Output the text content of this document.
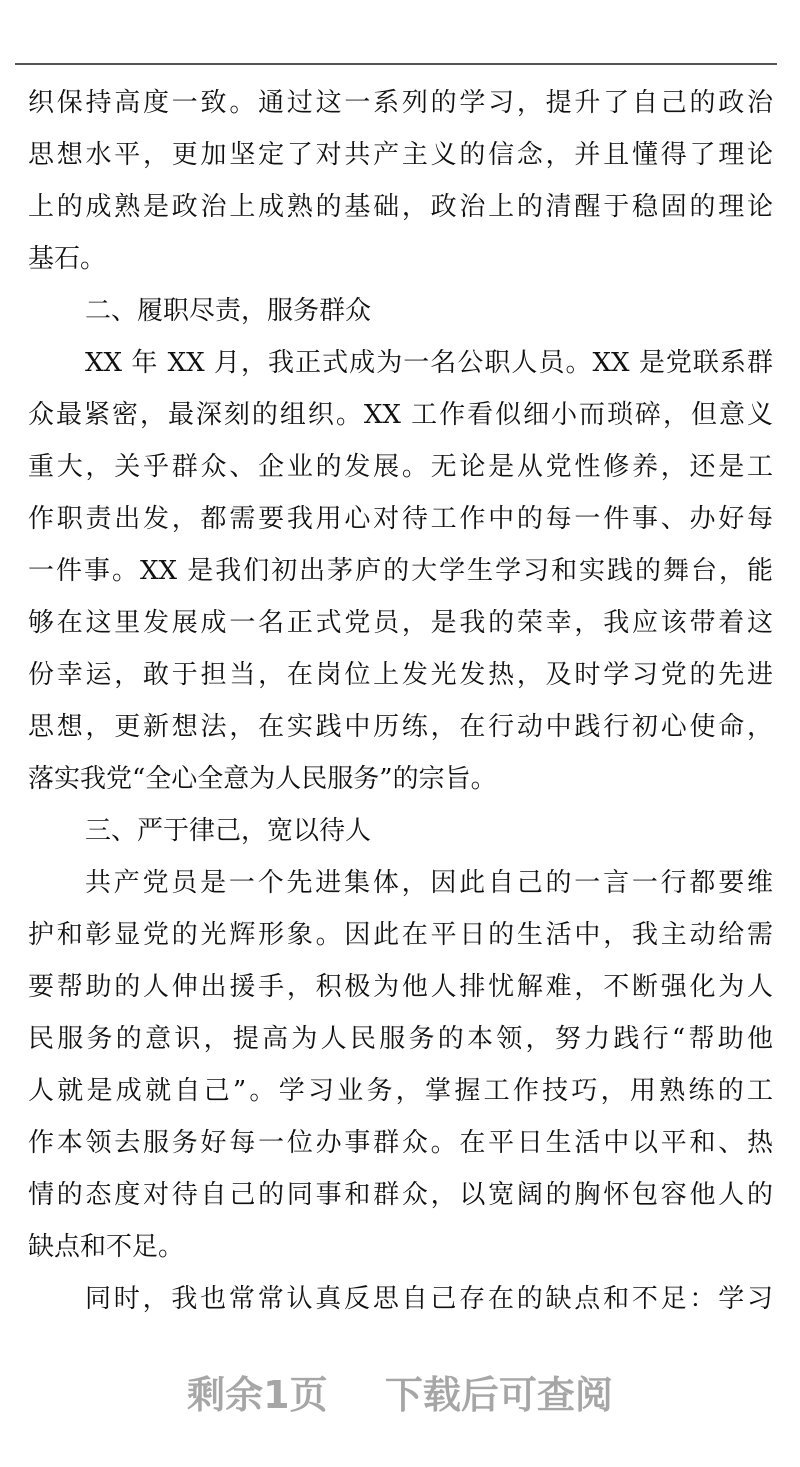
织保持高度一致。通过这一系列的学习，提升了自己的政治
思想水平，更加坚定了对共产主义的信念，并且懂得了理论
上的成熟是政治上成熟的基础，政治上的清醒于稳固的理论
基石。
二、履职尽责，服务群众
XX 年 XX 月，我正式成为一名公职人员。XX 是党联系群
众最紧密，最深刻的组织。XX 工作看似细小而琐碎，但意义
重大，关乎群众、企业的发展。无论是从党性修养，还是工
作职责出发，都需要我用心对待工作中的每一件事、办好每
一件事。XX 是我们初出茅庐的大学生学习和实践的舞台，能
够在这里发展成一名正式党员，是我的荣幸，我应该带着这
份幸运，敢于担当，在岗位上发光发热，及时学习党的先进
思想，更新想法，在实践中历练，在行动中践行初心使命，
落实我党“全心全意为人民服务”的宗旨。
三、严于律己，宽以待人
共产党员是一个先进集体，因此自己的一言一行都要维
护和彰显党的光辉形象。因此在平日的生活中，我主动给需
要帮助的人伸出援手，积极为他人排忧解难，不断强化为人
民服务的意识，提高为人民服务的本领，努力践行“帮助他
人就是成就自己”。学习业务，掌握工作技巧，用熟练的工
作本领去服务好每一位办事群众。在平日生活中以平和、热
情的态度对待自己的同事和群众，以宽阔的胸怀包容他人的
缺点和不足。
同时，我也常常认真反思自己存在的缺点和不足：学习
剩余1页 下载后可查阅
